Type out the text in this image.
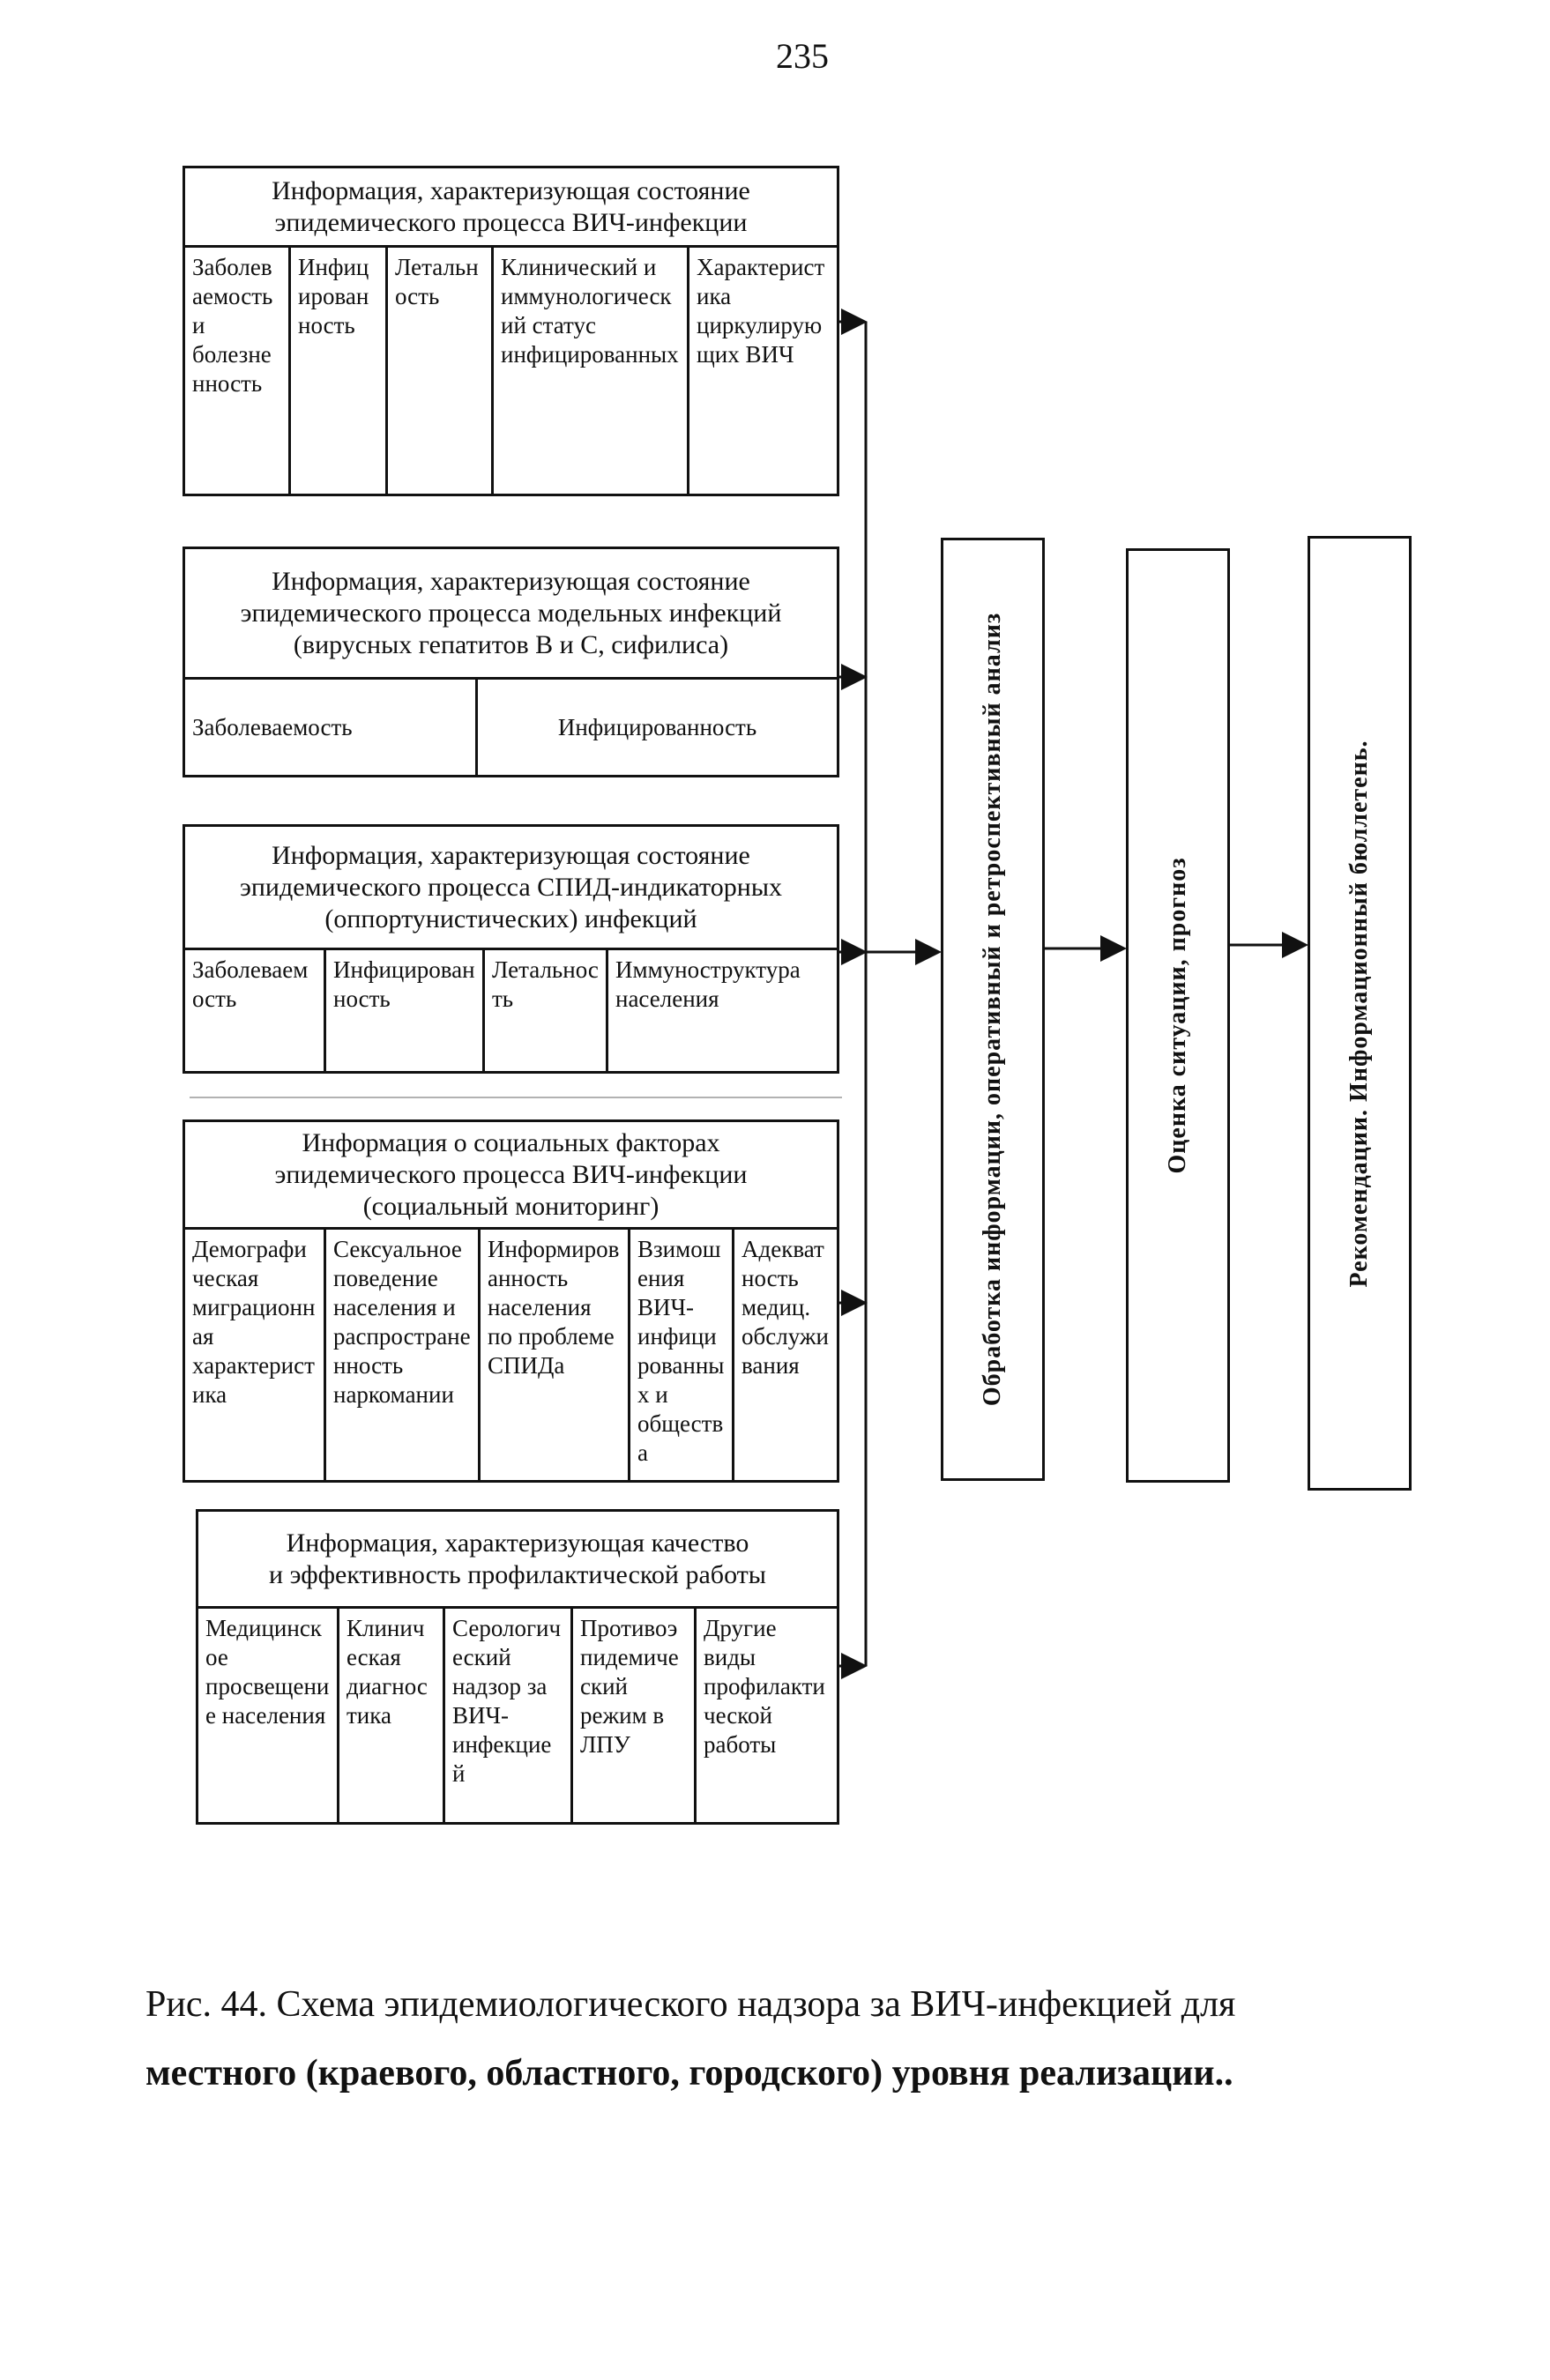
235
Информация, характеризующая состояние
эпидемического процесса ВИЧ-инфекции
Заболеваемость и болезненность
Инфицированность
Летальность
Клинический и иммунологический статус инфицированных
Характеристика циркулирующих ВИЧ
Информация, характеризующая состояние
эпидемического процесса модельных инфекций
(вирусных гепатитов В и С, сифилиса)
Заболеваемость	Инфицированность
Информация, характеризующая состояние
эпидемического процесса СПИД-индикаторных
(оппортунистических) инфекций
Заболеваемость
Инфицированность
Летальность
Иммуноструктура населения
Информация о социальных факторах
эпидемического процесса ВИЧ-инфекции
(социальный мониторинг)
Демографическая миграционная характеристика
Сексуальное поведение населения и распространенность наркомании
Информированность населения по проблеме СПИДа
Взимошения ВИЧ-инфицированных и общества
Адекватность медиц. обслуживания
Информация, характеризующая качество
и эффективность профилактической работы
Медицинское просвещение населения
Клиническая диагностика
Серологический надзор за ВИЧ-инфекцией
Противоэпидемический режим в ЛПУ
Другие виды профилактической работы
Обработка информации, оперативный и ретроспективный анализ	Оценка ситуации, прогноз	Рекомендации. Информационный бюллетень.
Рис. 44. Схема эпидемиологического надзора за ВИЧ-инфекцией для
местного (краевого, областного, городского) уровня реализации..
